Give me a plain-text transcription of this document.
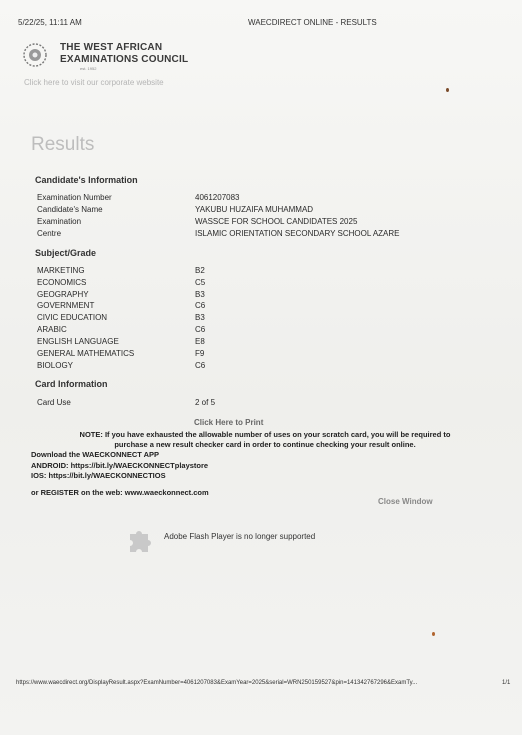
5/22/25, 11:11 AM	WAECDIRECT ONLINE - RESULTS
THE WEST AFRICAN
EXAMINATIONS COUNCIL
est. 1952
Click here to visit our corporate website
Results
Candidate's Information
Examination Number	4061207083
Candidate's Name	YAKUBU HUZAIFA MUHAMMAD
Examination	WASSCE FOR SCHOOL CANDIDATES 2025
Centre	ISLAMIC ORIENTATION SECONDARY SCHOOL AZARE
Subject/Grade
MARKETING	B2
ECONOMICS	C5
GEOGRAPHY	B3
GOVERNMENT	C6
CIVIC EDUCATION	B3
ARABIC	C6
ENGLISH LANGUAGE	E8
GENERAL MATHEMATICS	F9
BIOLOGY	C6
Card Information
Card Use	2 of 5
Click Here to Print
NOTE: If you have exhausted the allowable number of uses on your scratch card, you will be required to
purchase a new result checker card in order to continue checking your result online.
Download the WAECKONNECT APP
ANDROID: https://bit.ly/WAECKONNECTplaystore
IOS: https://bit.ly/WAECKONNECTIOS
or REGISTER on the web: www.waeckonnect.com
Close Window
Adobe Flash Player is no longer supported
https://www.waecdirect.org/DisplayResult.aspx?ExamNumber=4061207083&ExamYear=2025&serial=WRN250159527&pin=141342767296&ExamTy...	1/1
